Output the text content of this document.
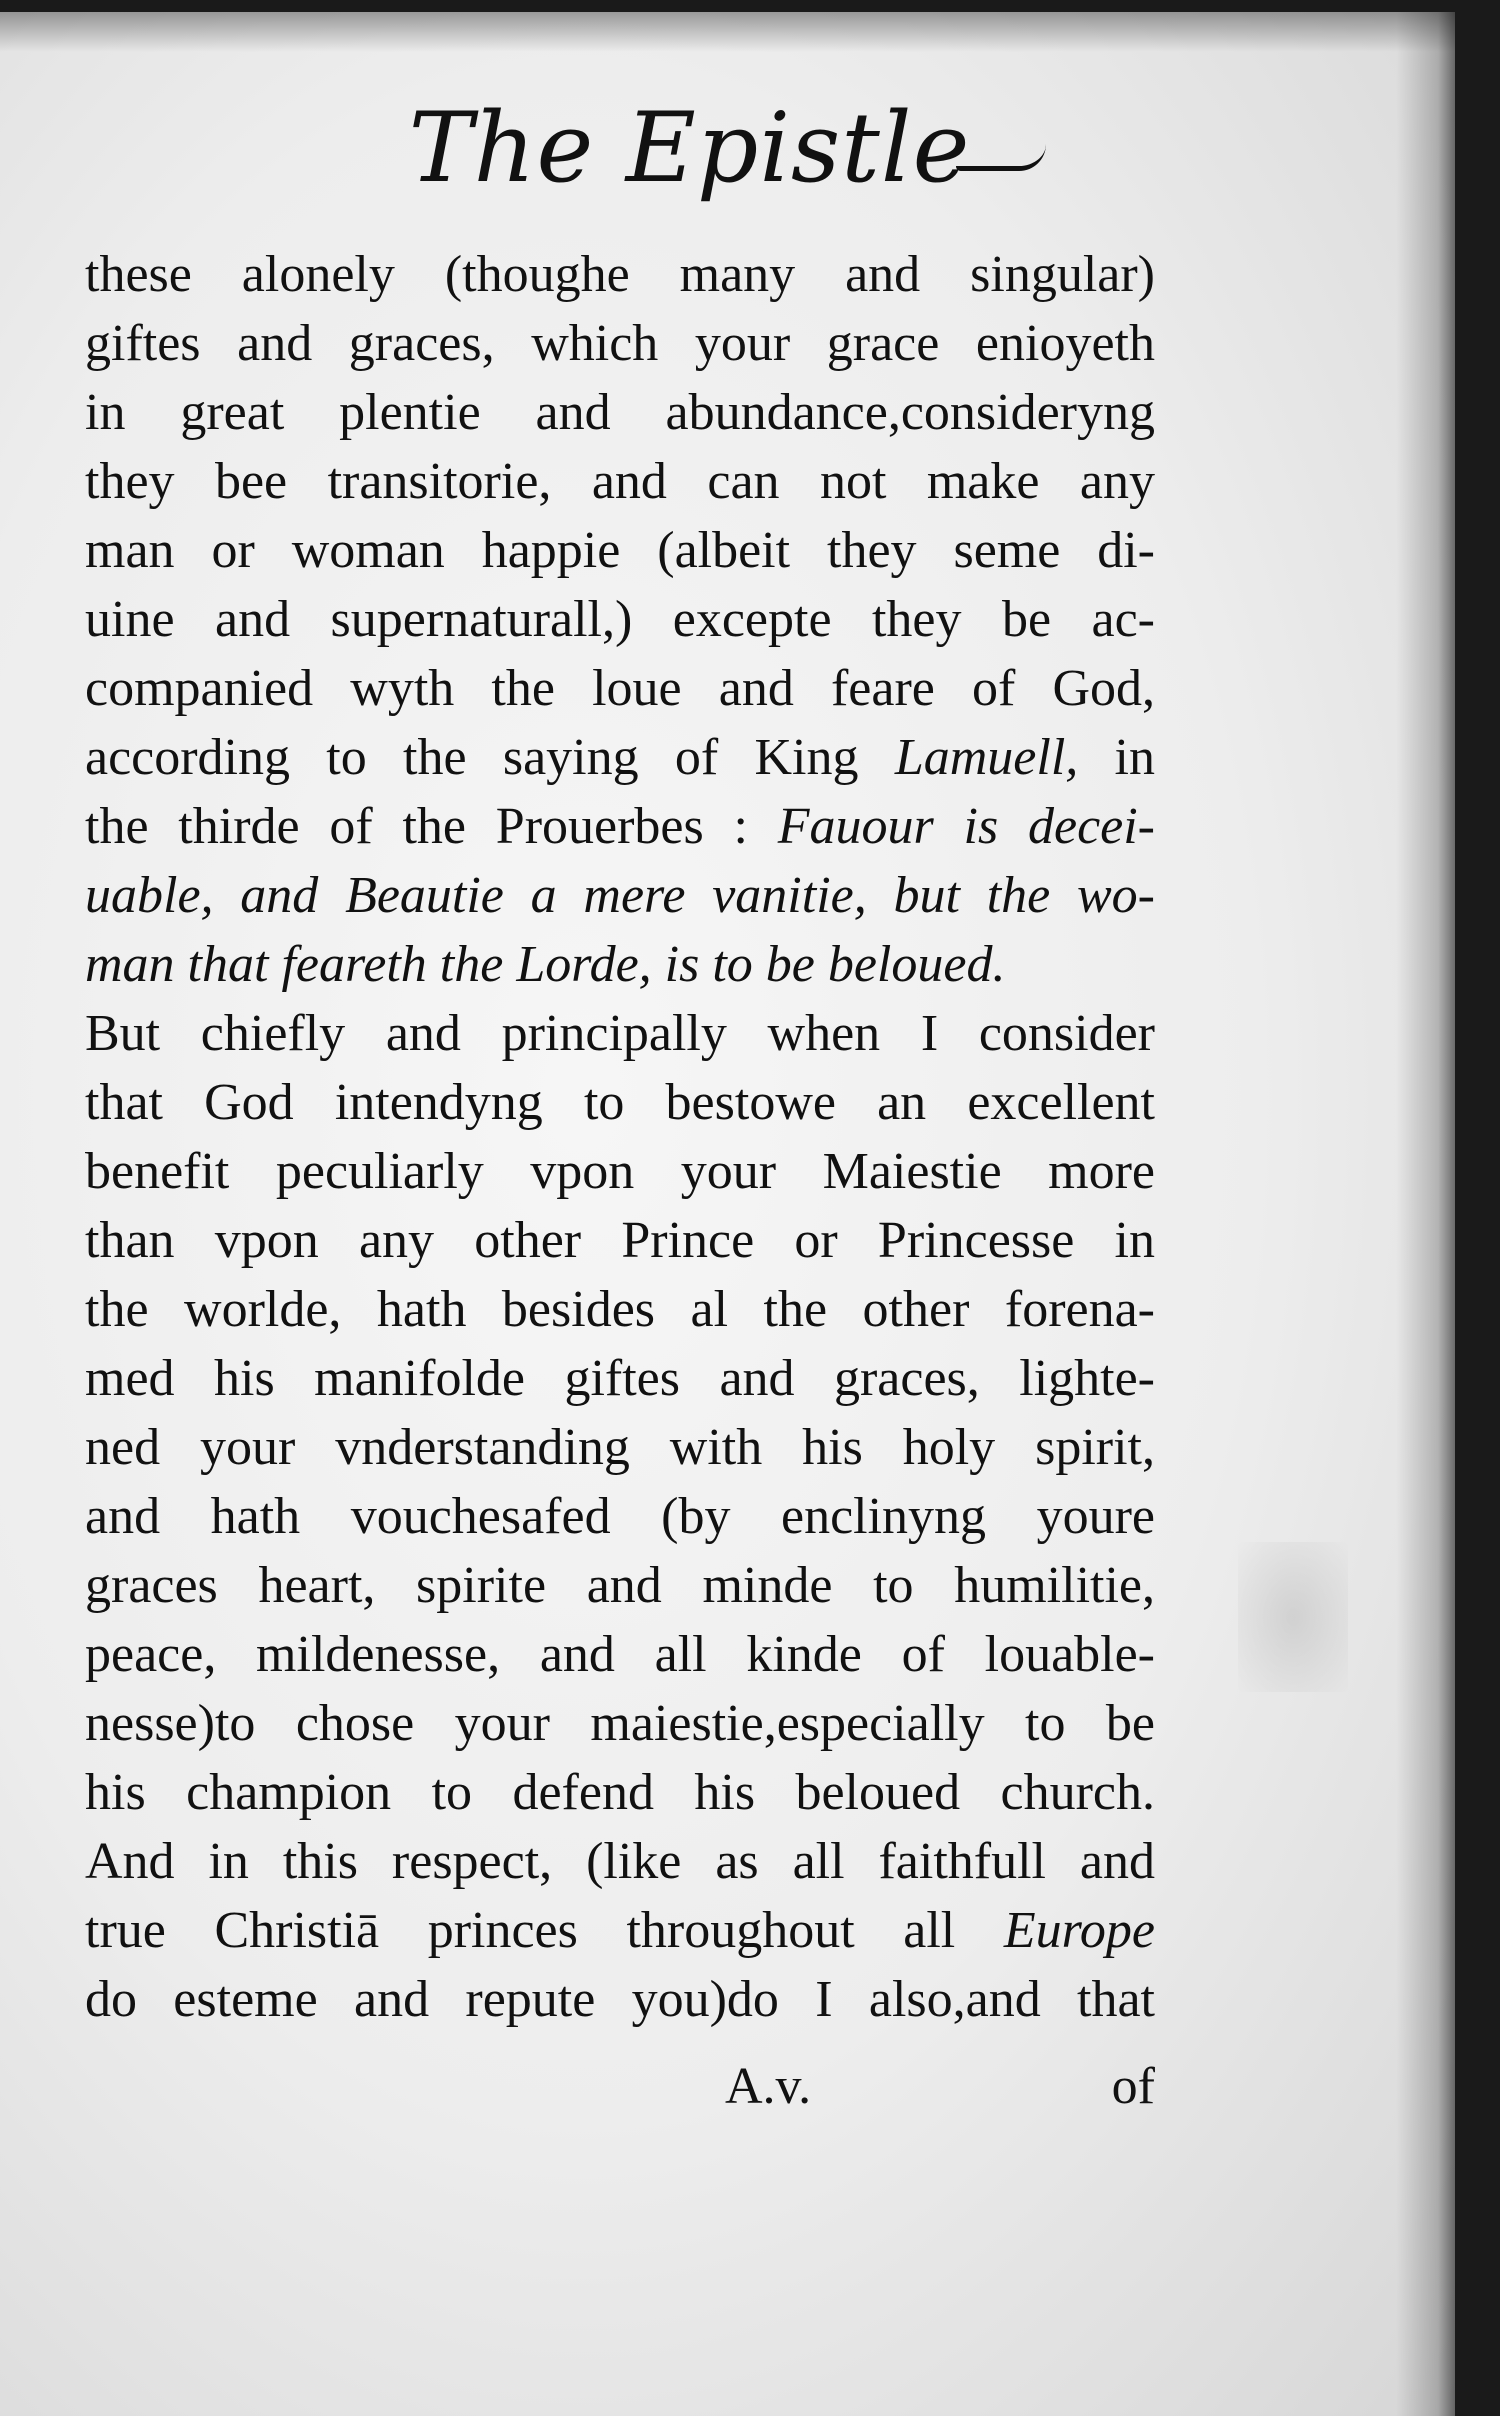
The Epistle
these alonely (thoughe many and singular)
giftes and graces, which your grace enioyeth
in great plentie and abundance,consideryng
they bee transitorie, and can not make any
man or woman happie (albeit they seme di-
uine and supernaturall,) excepte they be ac-
companied wyth the loue and feare of God,
according to the saying of King Lamuell, in
the thirde of the Prouerbes : Fauour is decei-
uable, and Beautie a mere vanitie, but the wo-
man that feareth the Lorde, is to be beloued.
But chiefly and principally when I consider
that God intendyng to bestowe an excellent
benefit peculiarly vpon your Maiestie more
than vpon any other Prince or Princesse in
the worlde, hath besides al the other forena-
med his manifolde giftes and graces, lighte-
ned your vnderstanding with his holy spirit,
and hath vouchesafed (by enclinyng youre
graces heart, spirite and minde to humilitie,
peace, mildenesse, and all kinde of louable-
nesse)to chose your maiestie,especially to be
his champion to defend his beloued church.
And in this respect, (like as all faithfull and
true Christiā princes throughout all Europe
do esteme and repute you)do I also,and that
A.v.	of
